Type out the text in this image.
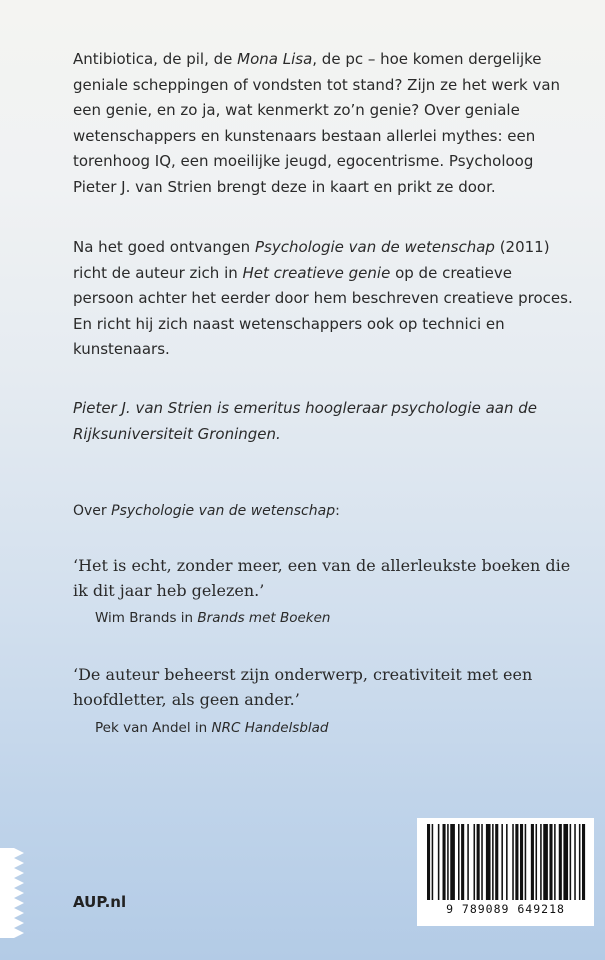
Antibiotica, de pil, de Mona Lisa, de pc – hoe komen dergelijke geniale scheppingen of vondsten tot stand? Zijn ze het werk van een genie, en zo ja, wat kenmerkt zo’n genie? Over geniale wetenschappers en kunstenaars bestaan allerlei mythes: een torenhoog IQ, een moeilijke jeugd, egocentrisme. Psycholoog Pieter J. van Strien brengt deze in kaart en prikt ze door.

Na het goed ontvangen Psychologie van de wetenschap (2011) richt de auteur zich in Het creatieve genie op de creatieve persoon achter het eerder door hem beschreven creatieve proces. En richt hij zich naast wetenschappers ook op technici en kunstenaars.

Pieter J. van Strien is emeritus hoogleraar psychologie aan de Rijksuniversiteit Groningen.

Over Psychologie van de wetenschap:

‘Het is echt, zonder meer, een van de allerleukste boeken die ik dit jaar heb gelezen.’

Wim Brands in Brands met Boeken

‘De auteur beheerst zijn onderwerp, creativiteit met een hoofdletter, als geen ander.’

Pek van Andel in NRC Handelsblad

AUP.nl	9 789089 649218
